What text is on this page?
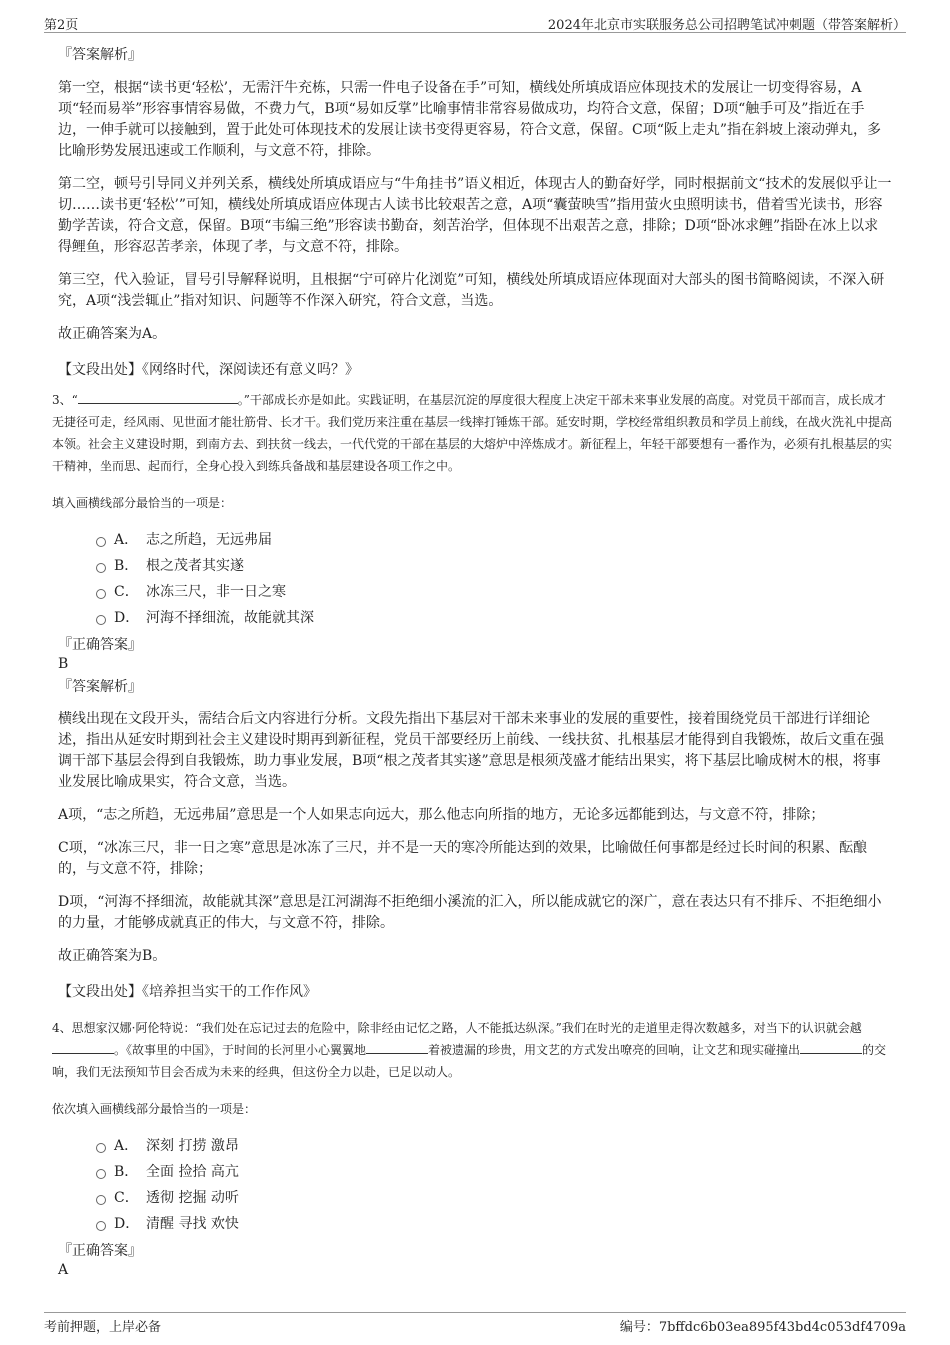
第2页	2024年北京市实联服务总公司招聘笔试冲刺题（带答案解析）
『答案解析』

第一空，根据“读书更‘轻松’，无需汗牛充栋，只需一件电子设备在手”可知，横线处所填成语应体现技术的发展让一切变得容易，A项“轻而易举”形容事情容易做，不费力气，B项“易如反掌”比喻事情非常容易做成功，均符合文意，保留；D项“触手可及”指近在手边，一伸手就可以接触到，置于此处可体现技术的发展让读书变得更容易，符合文意，保留。C项“阪上走丸”指在斜坡上滚动弹丸，多比喻形势发展迅速或工作顺利，与文意不符，排除。

第二空，顿号引导同义并列关系，横线处所填成语应与“牛角挂书”语义相近，体现古人的勤奋好学，同时根据前文“技术的发展似乎让一切……读书更‘轻松’”可知，横线处所填成语应体现古人读书比较艰苦之意，A项“囊萤映雪”指用萤火虫照明读书，借着雪光读书，形容勤学苦读，符合文意，保留。B项“韦编三绝”形容读书勤奋，刻苦治学，但体现不出艰苦之意，排除；D项“卧冰求鲤”指卧在冰上以求得鲤鱼，形容忍苦孝亲，体现了孝，与文意不符，排除。

第三空，代入验证，冒号引导解释说明，且根据“宁可碎片化浏览”可知，横线处所填成语应体现面对大部头的图书简略阅读，不深入研究，A项“浅尝辄止”指对知识、问题等不作深入研究，符合文意，当选。

故正确答案为A。

【文段出处】《网络时代，深阅读还有意义吗？》

3、“	。”干部成长亦是如此。实践证明，在基层沉淀的厚度很大程度上决定干部未来事业发展的高度。对党员干部而言，成长成才无捷径可走，经风雨、见世面才能壮筋骨、长才干。我们党历来注重在基层一线摔打锤炼干部。延安时期，学校经常组织教员和学员上前线，在战火洗礼中提高本领。社会主义建设时期，到南方去、到扶贫一线去，一代代党的干部在基层的大熔炉中淬炼成才。新征程上，年轻干部要想有一番作为，必须有扎根基层的实干精神，坐而思、起而行，全身心投入到练兵备战和基层建设各项工作之中。

填入画横线部分最恰当的一项是：

A． 志之所趋，无远弗届
B． 根之茂者其实遂
C． 冰冻三尺，非一日之寒
D． 河海不择细流，故能就其深
『正确答案』
B
『答案解析』

横线出现在文段开头，需结合后文内容进行分析。文段先指出下基层对干部未来事业的发展的重要性，接着围绕党员干部进行详细论述，指出从延安时期到社会主义建设时期再到新征程，党员干部要经历上前线、一线扶贫、扎根基层才能得到自我锻炼，故后文重在强调干部下基层会得到自我锻炼，助力事业发展，B项“根之茂者其实遂”意思是根须茂盛才能结出果实，将下基层比喻成树木的根，将事业发展比喻成果实，符合文意，当选。

A项，“志之所趋，无远弗届”意思是一个人如果志向远大，那么他志向所指的地方，无论多远都能到达，与文意不符，排除；

C项，“冰冻三尺，非一日之寒”意思是冰冻了三尺，并不是一天的寒冷所能达到的效果，比喻做任何事都是经过长时间的积累、酝酿的，与文意不符，排除；

D项，“河海不择细流，故能就其深”意思是江河湖海不拒绝细小溪流的汇入，所以能成就它的深广，意在表达只有不排斥、不拒绝细小的力量，才能够成就真正的伟大，与文意不符，排除。

故正确答案为B。

【文段出处】《培养担当实干的工作作风》

4、思想家汉娜·阿伦特说：“我们处在忘记过去的危险中，除非经由记忆之路，人不能抵达纵深。”我们在时光的走道里走得次数越多，对当下的认识就会越。《故事里的中国》，于时间的长河里小心翼翼地	着被遗漏的珍贵，用文艺的方式发出嘹亮的回响，让文艺和现实碰撞出	的交响，我们无法预知节目会否成为未来的经典，但这份全力以赴，已足以动人。

依次填入画横线部分最恰当的一项是：

A． 深刻 打捞 激昂
B． 全面 捡拾 高亢
C． 透彻 挖掘 动听
D． 清醒 寻找 欢快
『正确答案』
A
考前押题，上岸必备	编号：7bffdc6b03ea895f43bd4c053df4709a
